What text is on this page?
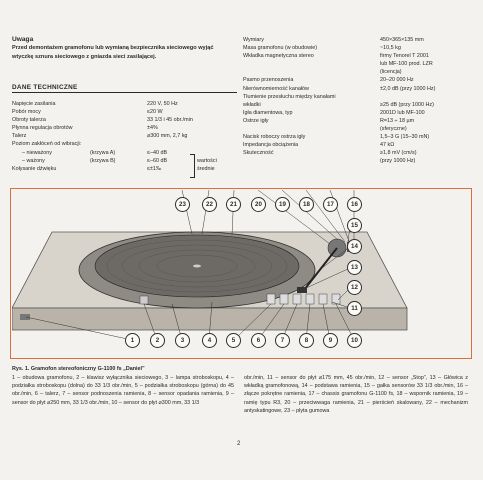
Uwaga
Przed demontażem gramofonu lub wymianą bezpiecznika sieciowego wyjąć wtyczkę sznura sieciowego z gniazda sieci zasilającej.
DANE TECHNICZNE
Napięcie zasilania	220 V, 50 Hz
Pobór mocy	≤20 W
Obroty talerza	33 1/3 i 45 obr./min
Płynna regulacja obrotów	±4%
Talerz	⌀300 mm, 2,7 kg
Poziom zakłóceń od wibracji:
– nieważony	(krzywa A)	≤–40 dB
– ważony	(krzywa B)	≤–60 dB
Kołysanie dźwięku	≤±1‰
wartości średnie
Wymiary	450×365×135 mm
Masa gramofonu (w obudowie)	~10,5 kg
Wkładka magnetyczna stereo	firmy Tenorel T 2001
lub MF-100 prod. LZR
(licencja)
Pasmo przenoszenia	20–20 000 Hz
Nierównomierność kanałów	±2,0 dB (przy 1000 Hz)
Tłumienie przesłuchu między kanałami
wkładki	≥25 dB (przy 1000 Hz)
Igła diamentowa, typ	2001D lub MF-100
Ostrze igły	R=13 ÷ 18 µm
(sferyczne)
Nacisk roboczy ostrza igły	1,5–3 G (15–30 mN)
Impedancja obciążenia	47 kΩ
Skuteczność	≥1,8 mV (cm/s)
(przy 1000 Hz)
23	22	21	20	19	18	17	16
15
14
13
12
11
10
9
8
7
6
5
4
3
2
1
Rys. 1. Gramofon stereofoniczny G-1100 fs „Daniel”
1 – obudowa gramofonu, 2 – klawisz wyłącznika sieciowego, 3 – lampa stroboskopu, 4 – podziałka stroboskopu (dolna) do 33 1/3 obr./min, 5 – podziałka stroboskopu (górna) do 45 obr./min, 6 – talerz, 7 – sensor podnoszenia ramienia, 8 – sensor opadania ramienia, 9 – sensor do płyt ⌀250 mm, 33 1/3 obr./min, 10 – sensor do płyt ⌀300 mm, 33 1/3
obr./min, 11 – sensor do płyt ⌀175 mm, 45 obr./min, 12 – sensor „Stop”, 13 – Główica z wkładką gramofonową, 14 – podstawa ramienia, 15 – gałka sensorów 33 1/3 obr./min, 16 – złącze pokrętne ramienia, 17 – chassis gramofonu G-1100 fs, 18 – wspornik ramienia, 19 – ramię typu R3, 20 – przeciwwaga ramienia, 21 – pierścień skalowany, 22 – mechanizm antyskatingowe, 23 – płyta gumowa
2
